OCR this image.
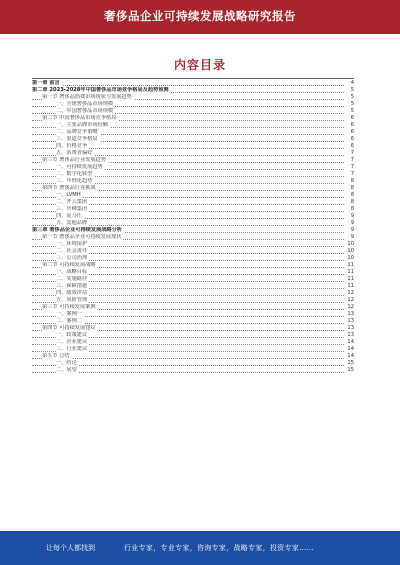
奢侈品企业可持续发展战略研究报告
内容目录
第一章 前言	4
第二章 2023-2028年中国奢侈品市场竞争格局及趋势预测	5
第一节 奢侈品消费市场现状与发展趋势	5
一、全球奢侈品市场规模	5
二、中国奢侈品市场规模	5
第二节 中国奢侈品市场竞争格局	6
一、主要品牌市场份额	6
二、品牌竞争策略	6
三、渠道竞争格局	6
四、价格竞争	6
五、消费者偏好	7
第三节 奢侈品行业发展趋势	7
一、可持续发展趋势	7
二、数字化转型	7
三、年轻化趋势	8
第四节 奢侈品行业挑战	8
一、LVMH	8
二、开云集团	8
三、历峰集团	8
四、爱马仕	9
五、其他品牌	9
第三章 奢侈品企业可持续发展战略分析	9
第一节 奢侈品企业可持续发展现状	9
一、环境保护	10
二、社会责任	10
三、公司治理	10
第二节 可持续发展战略	11
一、战略目标	11
二、实施路径	11
三、保障措施	11
四、绩效评估	12
五、风险管理	12
第三节 可持续发展案例	12
一、案例一	13
二、案例二	13
第四节 可持续发展建议	13
一、政策建议	13
二、企业建议	14
三、行业建议	14
第五节 总结	14
一、结论	15
二、展望	15
让每个人都找到	行业专家，专业专家，咨询专家，战略专家，投资专家……
